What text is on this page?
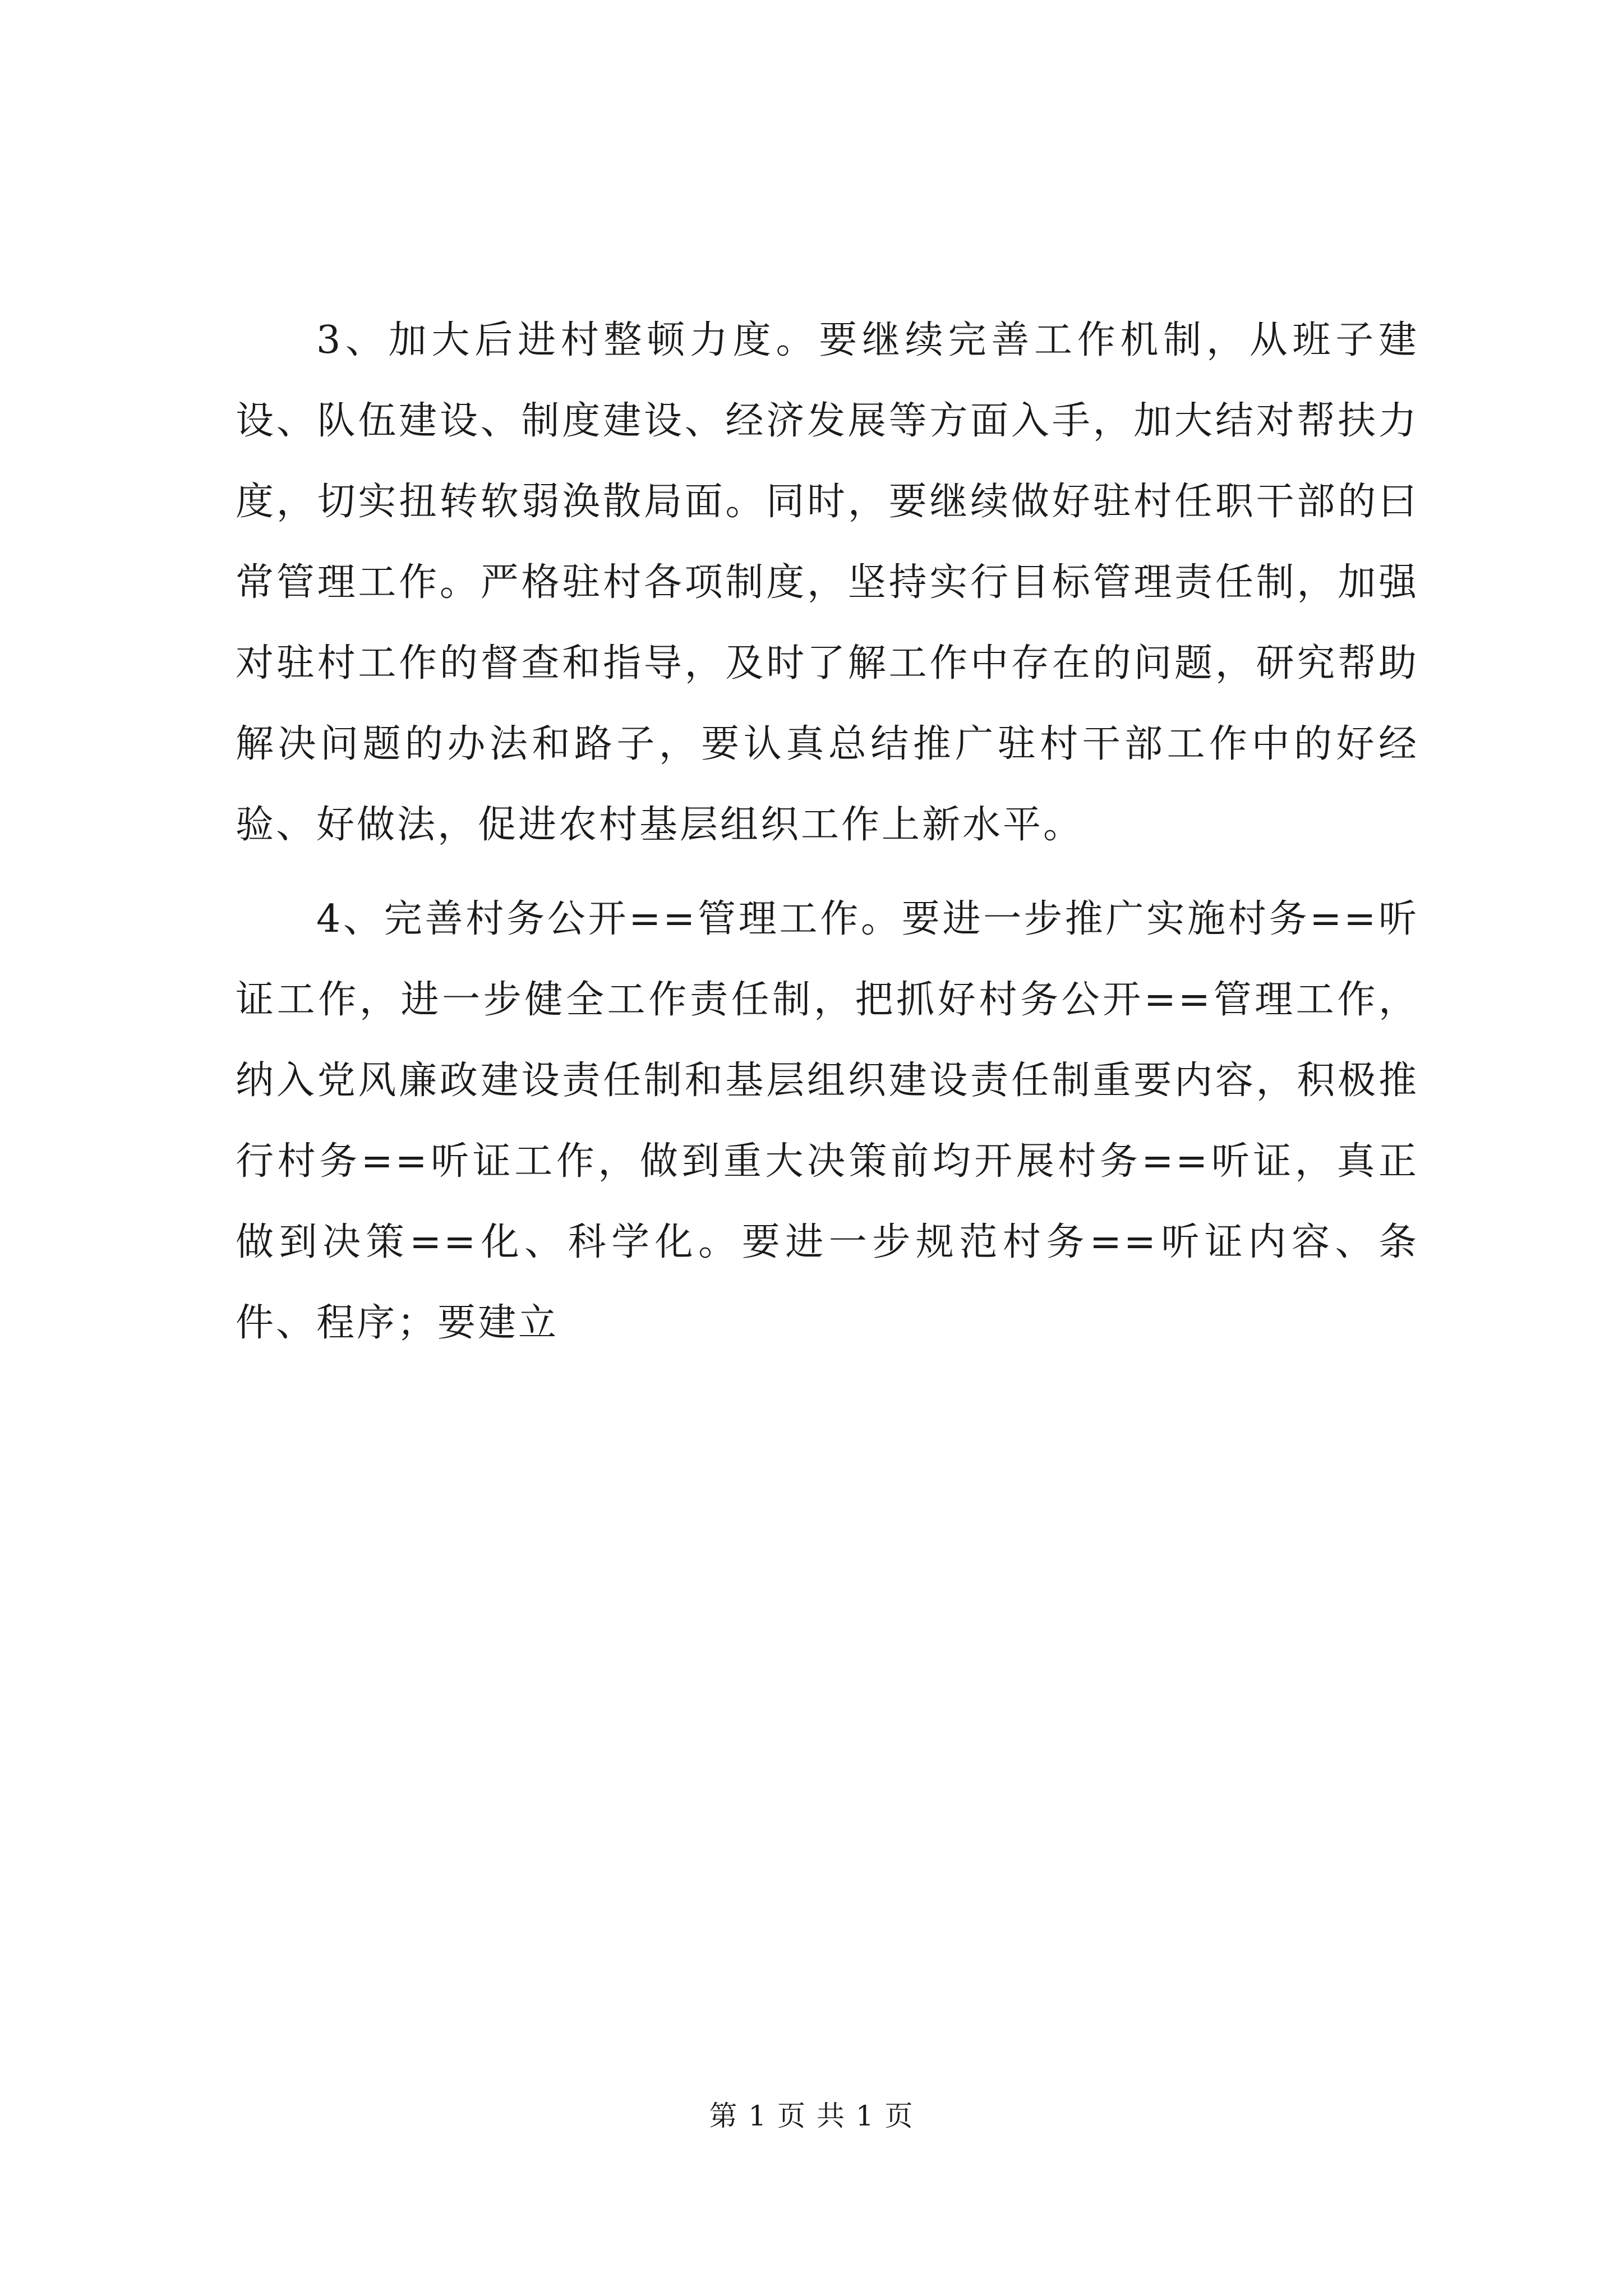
3、加大后进村整顿力度。要继续完善工作机制，从班子建设、队伍建设、制度建设、经济发展等方面入手，加大结对帮扶力度，切实扭转软弱涣散局面。同时，要继续做好驻村任职干部的曰常管理工作。严格驻村各项制度，坚持实行目标管理责任制，加强对驻村工作的督查和指导，及时了解工作中存在的问题，研究帮助解决问题的办法和路子，要认真总结推广驻村干部工作中的好经验、好做法，促进农村基层组织工作上新水平。

4、完善村务公开==管理工作。要进一步推广实施村务==听证工作，进一步健全工作责任制，把抓好村务公开==管理工作，纳入党风廉政建设责任制和基层组织建设责任制重要内容，积极推行村务==听证工作，做到重大决策前均开展村务==听证，真正做到决策==化、科学化。要进一步规范村务==听证内容、条件、程序；要建立

第 1 页 共 1 页
